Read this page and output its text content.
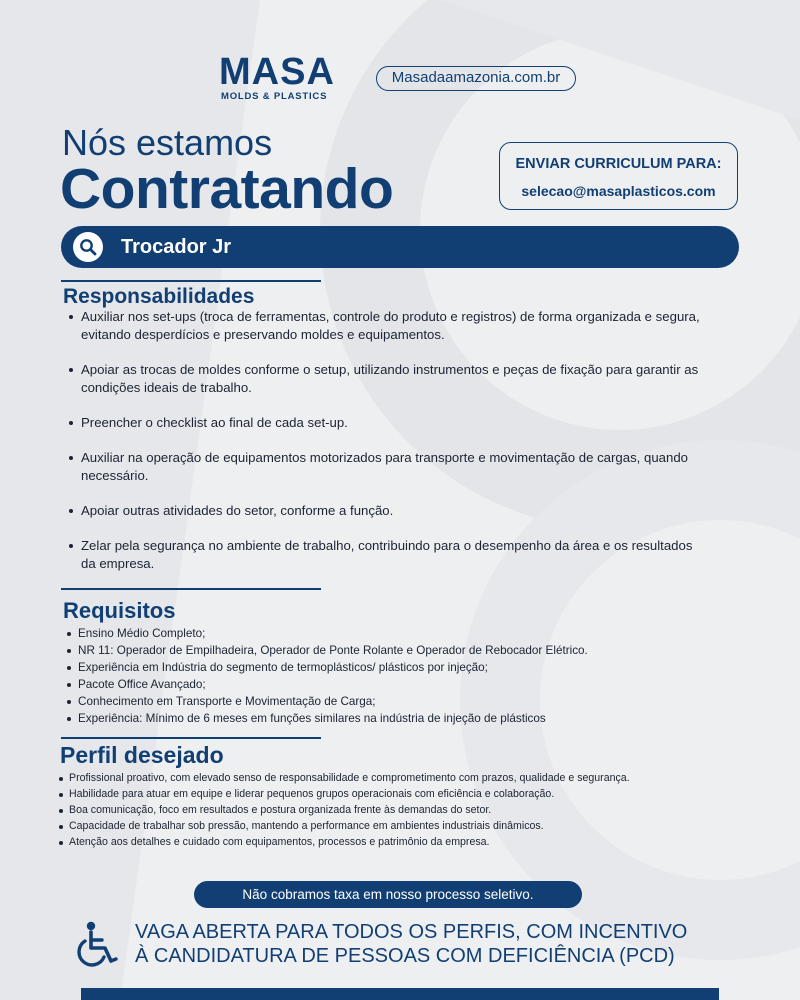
MASA
MOLDS & PLASTICS
Masadaamazonia.com.br
Nós estamos
Contratando	ENVIAR CURRICULUM PARA:
selecao@masaplasticos.com
Trocador Jr
Responsabilidades
Auxiliar nos set-ups (troca de ferramentas, controle do produto e registros) de forma organizada e segura, evitando desperdícios e preservando moldes e equipamentos.
Apoiar as trocas de moldes conforme o setup, utilizando instrumentos e peças de fixação para garantir as condições ideais de trabalho.
Preencher o checklist ao final de cada set-up.
Auxiliar na operação de equipamentos motorizados para transporte e movimentação de cargas, quando necessário.
Apoiar outras atividades do setor, conforme a função.
Zelar pela segurança no ambiente de trabalho, contribuindo para o desempenho da área e os resultados da empresa.
Requisitos
Ensino Médio Completo;
NR 11: Operador de Empilhadeira, Operador de Ponte Rolante e Operador de Rebocador Elétrico.
Experiência em Indústria do segmento de termoplásticos/ plásticos por injeção;
Pacote Office Avançado;
Conhecimento em Transporte e Movimentação de Carga;
Experiência: Mínimo de 6 meses em funções similares na indústria de injeção de plásticos
Perfil desejado
Profissional proativo, com elevado senso de responsabilidade e comprometimento com prazos, qualidade e segurança.
Habilidade para atuar em equipe e liderar pequenos grupos operacionais com eficiência e colaboração.
Boa comunicação, foco em resultados e postura organizada frente às demandas do setor.
Capacidade de trabalhar sob pressão, mantendo a performance em ambientes industriais dinâmicos.
Atenção aos detalhes e cuidado com equipamentos, processos e patrimônio da empresa.
Não cobramos taxa em nosso processo seletivo.
VAGA ABERTA PARA TODOS OS PERFIS, COM INCENTIVO
À CANDIDATURA DE PESSOAS COM DEFICIÊNCIA (PCD)
